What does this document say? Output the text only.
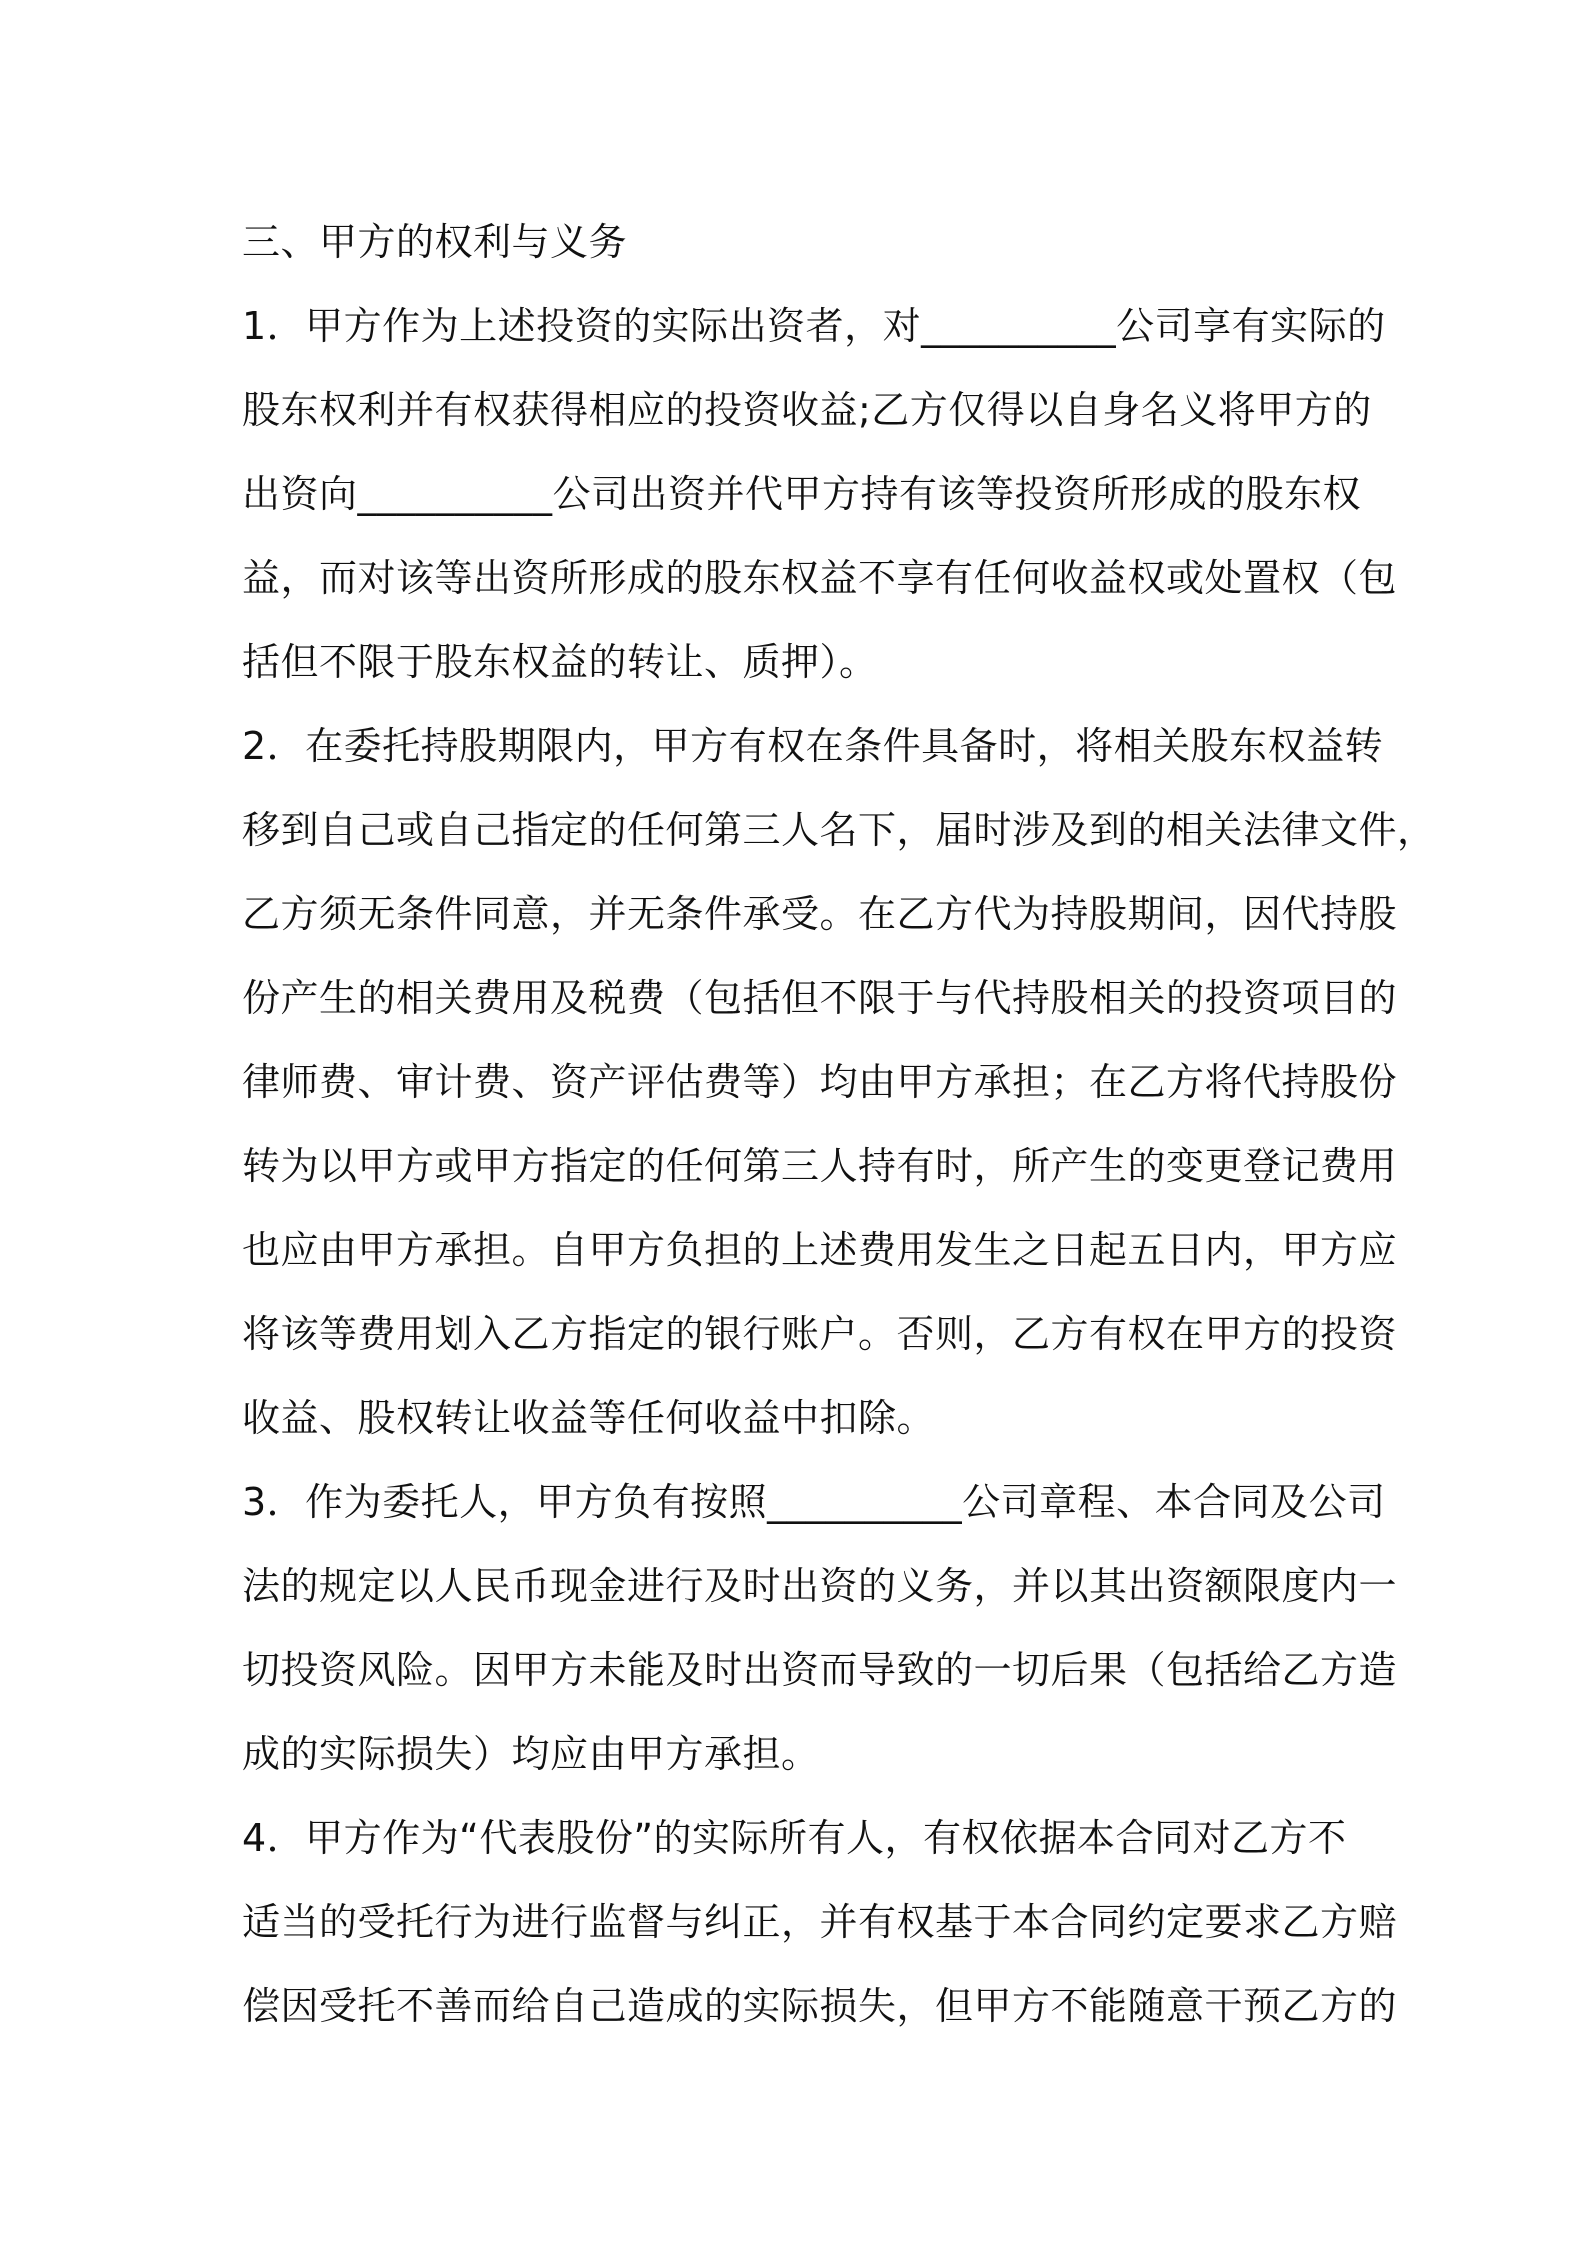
三、甲方的权利与义务

1．甲方作为上述投资的实际出资者，对__________公司享有实际的

股东权利并有权获得相应的投资收益;乙方仅得以自身名义将甲方的

出资向__________公司出资并代甲方持有该等投资所形成的股东权

益，而对该等出资所形成的股东权益不享有任何收益权或处置权（包

括但不限于股东权益的转让、质押）。

2．在委托持股期限内，甲方有权在条件具备时，将相关股东权益转

移到自己或自己指定的任何第三人名下，届时涉及到的相关法律文件，

乙方须无条件同意，并无条件承受。在乙方代为持股期间，因代持股

份产生的相关费用及税费（包括但不限于与代持股相关的投资项目的

律师费、审计费、资产评估费等）均由甲方承担；在乙方将代持股份

转为以甲方或甲方指定的任何第三人持有时，所产生的变更登记费用

也应由甲方承担。自甲方负担的上述费用发生之日起五日内，甲方应

将该等费用划入乙方指定的银行账户。否则，乙方有权在甲方的投资

收益、股权转让收益等任何收益中扣除。

3．作为委托人，甲方负有按照__________公司章程、本合同及公司

法的规定以人民币现金进行及时出资的义务，并以其出资额限度内一

切投资风险。因甲方未能及时出资而导致的一切后果（包括给乙方造

成的实际损失）均应由甲方承担。

4．甲方作为“代表股份”的实际所有人，有权依据本合同对乙方不

适当的受托行为进行监督与纠正，并有权基于本合同约定要求乙方赔

偿因受托不善而给自己造成的实际损失，但甲方不能随意干预乙方的
